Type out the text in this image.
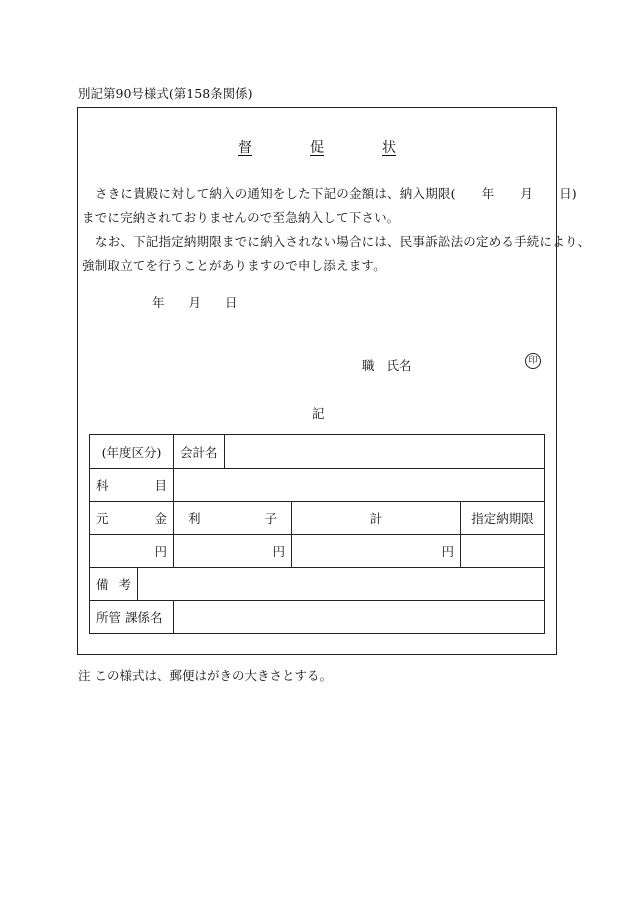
別記第90号様式(第158条関係)
督	促	状
さきに貴殿に対して納入の通知をした下記の金額は、納入期限( 年 月 日)
までに完納されておりませんので至急納入して下さい。
なお、下記指定納期限までに納入されない場合には、民事訴訟法の定める手続により、
強制取立てを行うことがありますので申し添えます。
年 月 日
職 氏名	印
記
(年度区分)		会計名		

科 目				

元 金		利 子	計	指定納期限
円		円	円	

備 考				

所管 課係名				
注 この様式は、郵便はがきの大きさとする。
